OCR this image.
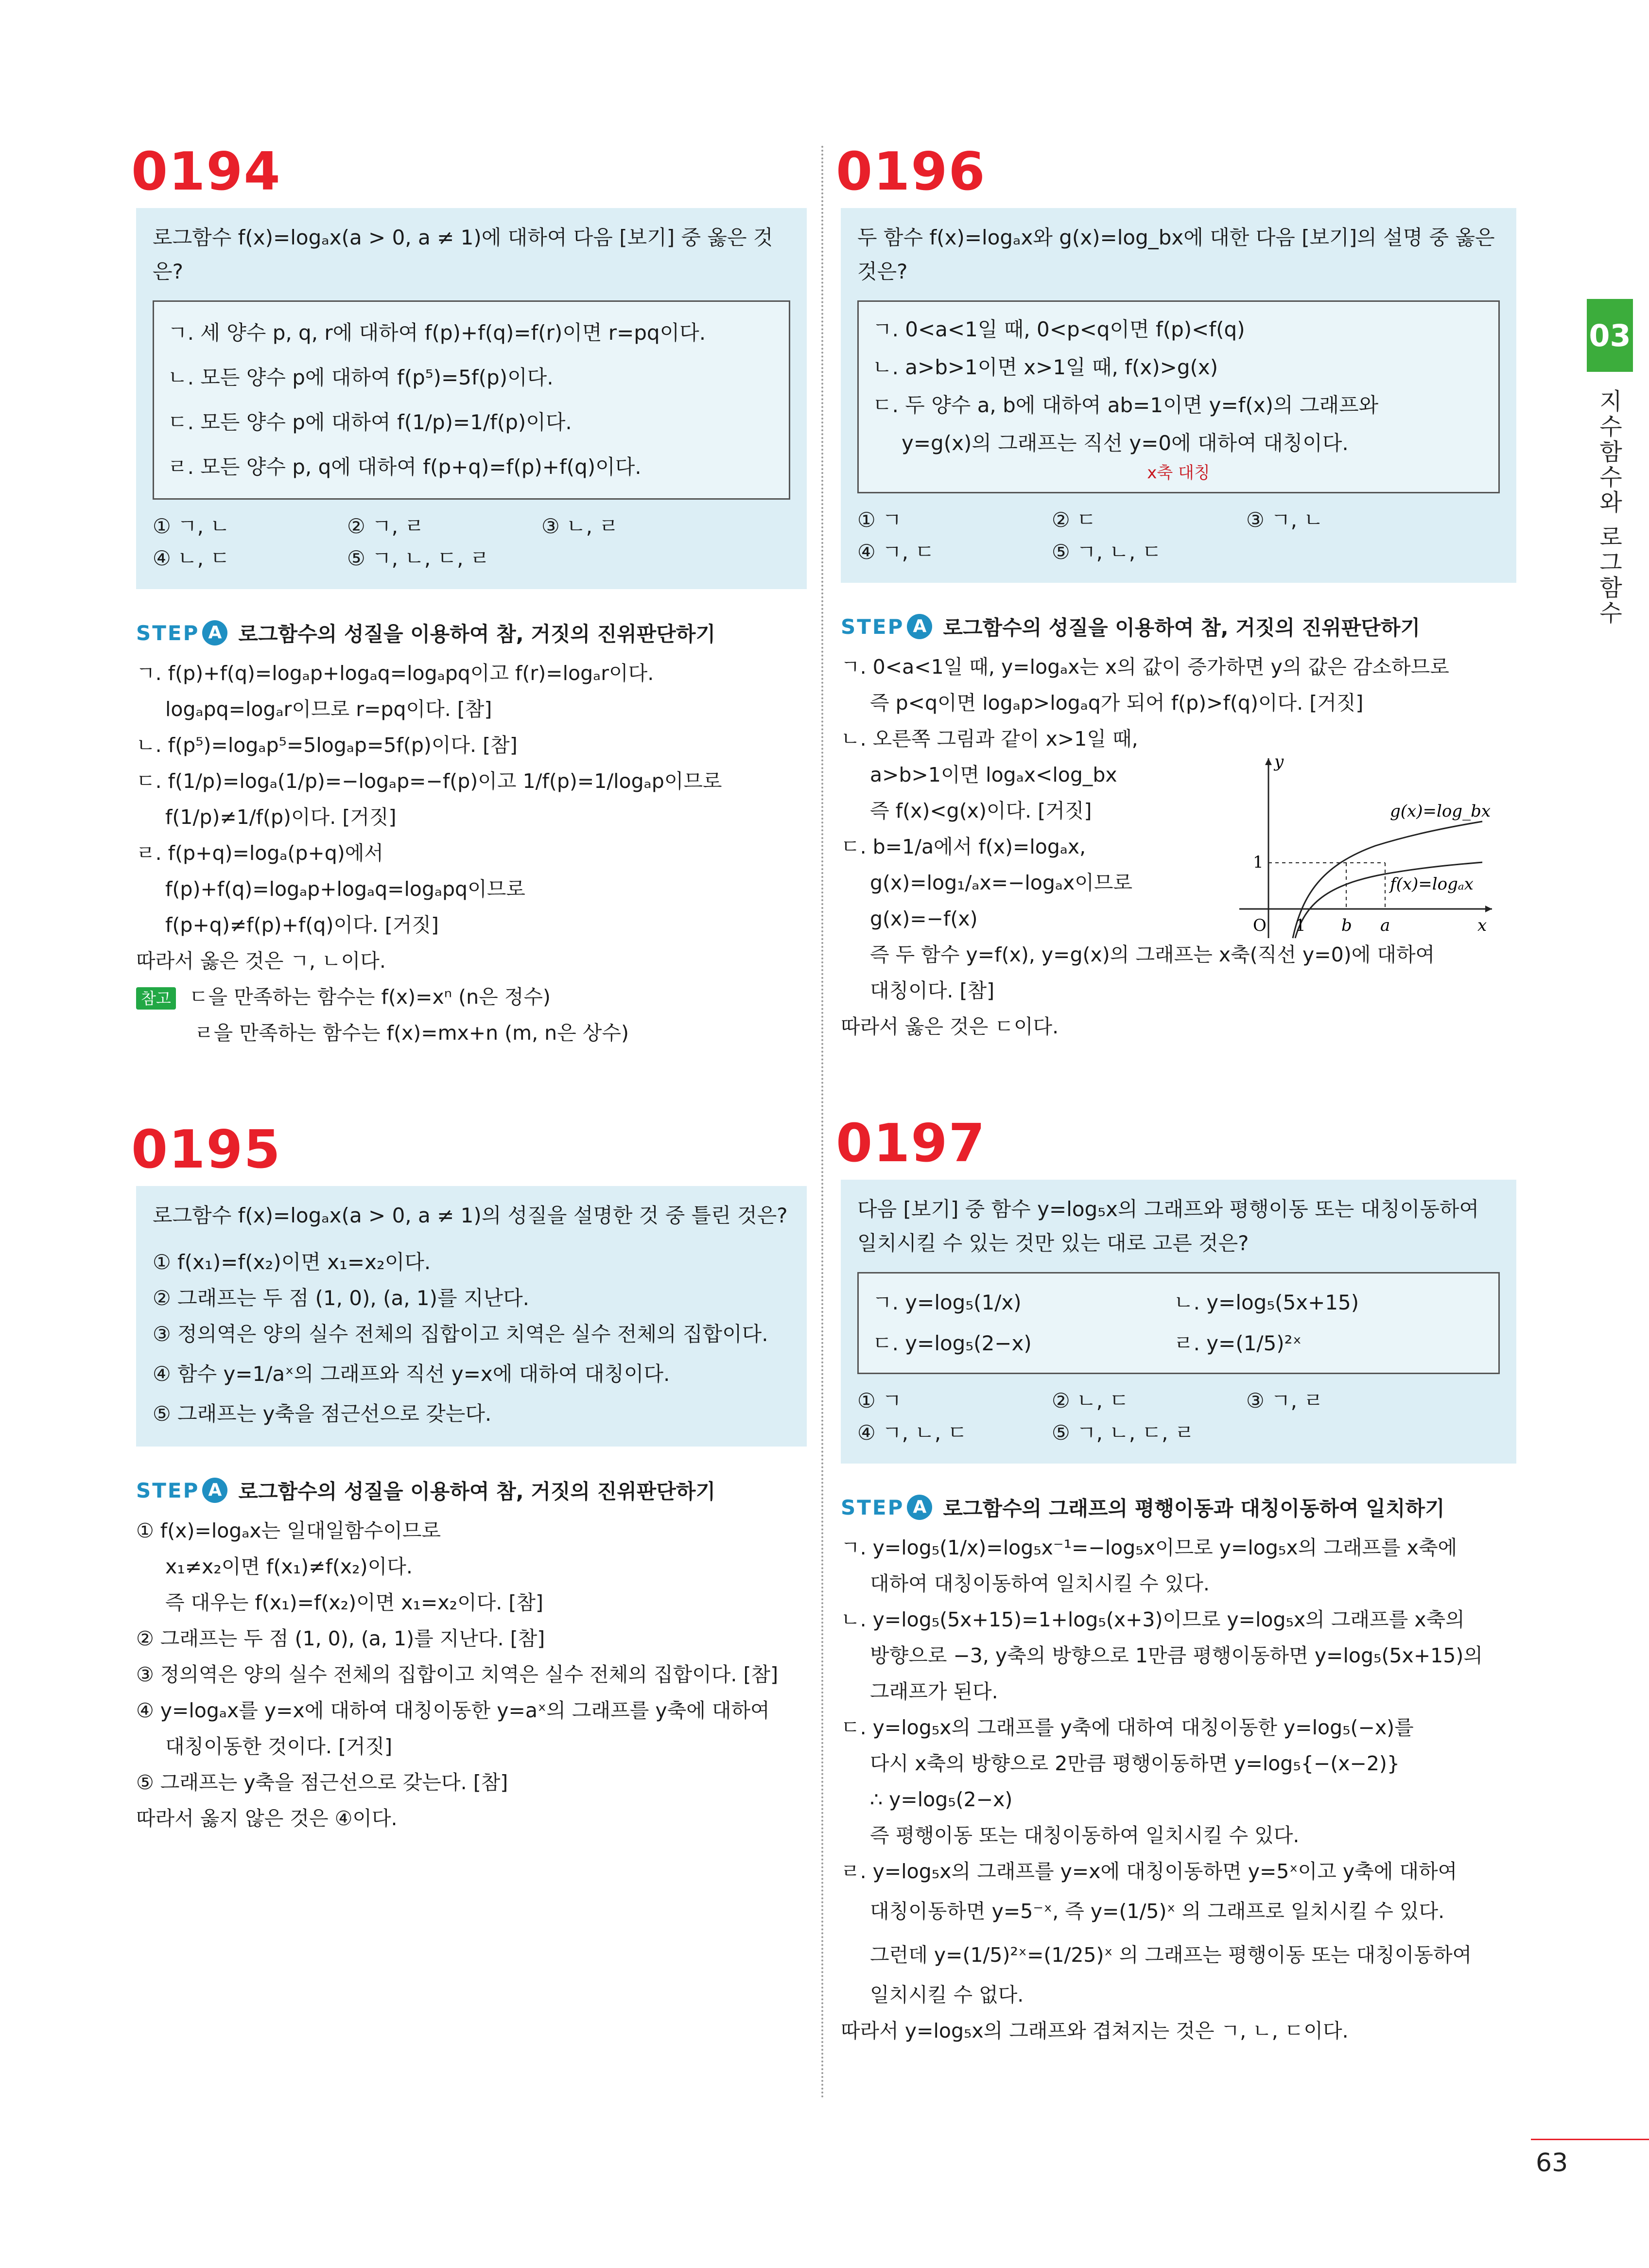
03
지수함수와 로그함수
0194
로그함수 f(x)=logₐx(a > 0, a ≠ 1)에 대하여 다음 [보기] 중 옳은 것은?
ㄱ. 세 양수 p, q, r에 대하여 f(p)+f(q)=f(r)이면 r=pq이다.
ㄴ. 모든 양수 p에 대하여 f(p⁵)=5f(p)이다.
ㄷ. 모든 양수 p에 대하여 f(1/p)=1/f(p)이다.
ㄹ. 모든 양수 p, q에 대하여 f(p+q)=f(p)+f(q)이다.
① ㄱ, ㄴ	② ㄱ, ㄹ	③ ㄴ, ㄹ
④ ㄴ, ㄷ	⑤ ㄱ, ㄴ, ㄷ, ㄹ
STEP A 로그함수의 성질을 이용하여 참, 거짓의 진위판단하기
ㄱ. f(p)+f(q)=logₐp+logₐq=logₐpq이고 f(r)=logₐr이다.
logₐpq=logₐr이므로 r=pq이다. [참]
ㄴ. f(p⁵)=logₐp⁵=5logₐp=5f(p)이다. [참]
ㄷ. f(1/p)=logₐ(1/p)=−logₐp=−f(p)이고 1/f(p)=1/logₐp이므로
f(1/p)≠1/f(p)이다. [거짓]
ㄹ. f(p+q)=logₐ(p+q)에서
f(p)+f(q)=logₐp+logₐq=logₐpq이므로
f(p+q)≠f(p)+f(q)이다. [거짓]
따라서 옳은 것은 ㄱ, ㄴ이다.
참고 ㄷ을 만족하는 함수는 f(x)=xⁿ (n은 정수)
ㄹ을 만족하는 함수는 f(x)=mx+n (m, n은 상수)
0195
로그함수 f(x)=logₐx(a > 0, a ≠ 1)의 성질을 설명한 것 중 틀린 것은?
① f(x₁)=f(x₂)이면 x₁=x₂이다.
② 그래프는 두 점 (1, 0), (a, 1)를 지난다.
③ 정의역은 양의 실수 전체의 집합이고 치역은 실수 전체의 집합이다.
④ 함수 y=1/aˣ의 그래프와 직선 y=x에 대하여 대칭이다.
⑤ 그래프는 y축을 점근선으로 갖는다.
STEP A 로그함수의 성질을 이용하여 참, 거짓의 진위판단하기
① f(x)=logₐx는 일대일함수이므로
x₁≠x₂이면 f(x₁)≠f(x₂)이다.
즉 대우는 f(x₁)=f(x₂)이면 x₁=x₂이다. [참]
② 그래프는 두 점 (1, 0), (a, 1)를 지난다. [참]
③ 정의역은 양의 실수 전체의 집합이고 치역은 실수 전체의 집합이다. [참]
④ y=logₐx를 y=x에 대하여 대칭이동한 y=aˣ의 그래프를 y축에 대하여
대칭이동한 것이다. [거짓]
⑤ 그래프는 y축을 점근선으로 갖는다. [참]
따라서 옳지 않은 것은 ④이다.
0196
두 함수 f(x)=logₐx와 g(x)=log_bx에 대한 다음 [보기]의 설명 중 옳은 것은?
ㄱ. 0<a<1일 때, 0<p<q이면 f(p)<f(q)
ㄴ. a>b>1이면 x>1일 때, f(x)>g(x)
ㄷ. 두 양수 a, b에 대하여 ab=1이면 y=f(x)의 그래프와
y=g(x)의 그래프는 직선 y=0에 대하여 대칭이다.
x축 대칭
① ㄱ	② ㄷ	③ ㄱ, ㄴ
④ ㄱ, ㄷ	⑤ ㄱ, ㄴ, ㄷ
STEP A 로그함수의 성질을 이용하여 참, 거짓의 진위판단하기
ㄱ. 0<a<1일 때, y=logₐx는 x의 값이 증가하면 y의 값은 감소하므로
즉 p<q이면 logₐp>logₐq가 되어 f(p)>f(q)이다. [거짓]
ㄴ. 오른쪽 그림과 같이 x>1일 때,
a>b>1이면 logₐx<log_bx
즉 f(x)<g(x)이다. [거짓]
ㄷ. b=1/a에서 f(x)=logₐx,
g(x)=log₁/ₐx=−logₐx이므로
g(x)=−f(x)
즉 두 함수 y=f(x), y=g(x)의 그래프는 x축(직선 y=0)에 대하여
대칭이다. [참]
따라서 옳은 것은 ㄷ이다.
y
x
O
1
1 b a
g(x)=log_bx
f(x)=logₐx
0197
다음 [보기] 중 함수 y=log₅x의 그래프와 평행이동 또는 대칭이동하여 일치시킬 수 있는 것만 있는 대로 고른 것은?
ㄱ. y=log₅(1/x)	ㄴ. y=log₅(5x+15)
ㄷ. y=log₅(2−x)	ㄹ. y=(1/5)²ˣ
① ㄱ	② ㄴ, ㄷ	③ ㄱ, ㄹ
④ ㄱ, ㄴ, ㄷ	⑤ ㄱ, ㄴ, ㄷ, ㄹ
STEP A 로그함수의 그래프의 평행이동과 대칭이동하여 일치하기
ㄱ. y=log₅(1/x)=log₅x⁻¹=−log₅x이므로 y=log₅x의 그래프를 x축에
대하여 대칭이동하여 일치시킬 수 있다.
ㄴ. y=log₅(5x+15)=1+log₅(x+3)이므로 y=log₅x의 그래프를 x축의
방향으로 −3, y축의 방향으로 1만큼 평행이동하면 y=log₅(5x+15)의
그래프가 된다.
ㄷ. y=log₅x의 그래프를 y축에 대하여 대칭이동한 y=log₅(−x)를
다시 x축의 방향으로 2만큼 평행이동하면 y=log₅{−(x−2)}
∴ y=log₅(2−x)
즉 평행이동 또는 대칭이동하여 일치시킬 수 있다.
ㄹ. y=log₅x의 그래프를 y=x에 대칭이동하면 y=5ˣ이고 y축에 대하여
대칭이동하면 y=5⁻ˣ, 즉 y=(1/5)ˣ 의 그래프로 일치시킬 수 있다.
그런데 y=(1/5)²ˣ=(1/25)ˣ 의 그래프는 평행이동 또는 대칭이동하여
일치시킬 수 없다.
따라서 y=log₅x의 그래프와 겹쳐지는 것은 ㄱ, ㄴ, ㄷ이다.
63
